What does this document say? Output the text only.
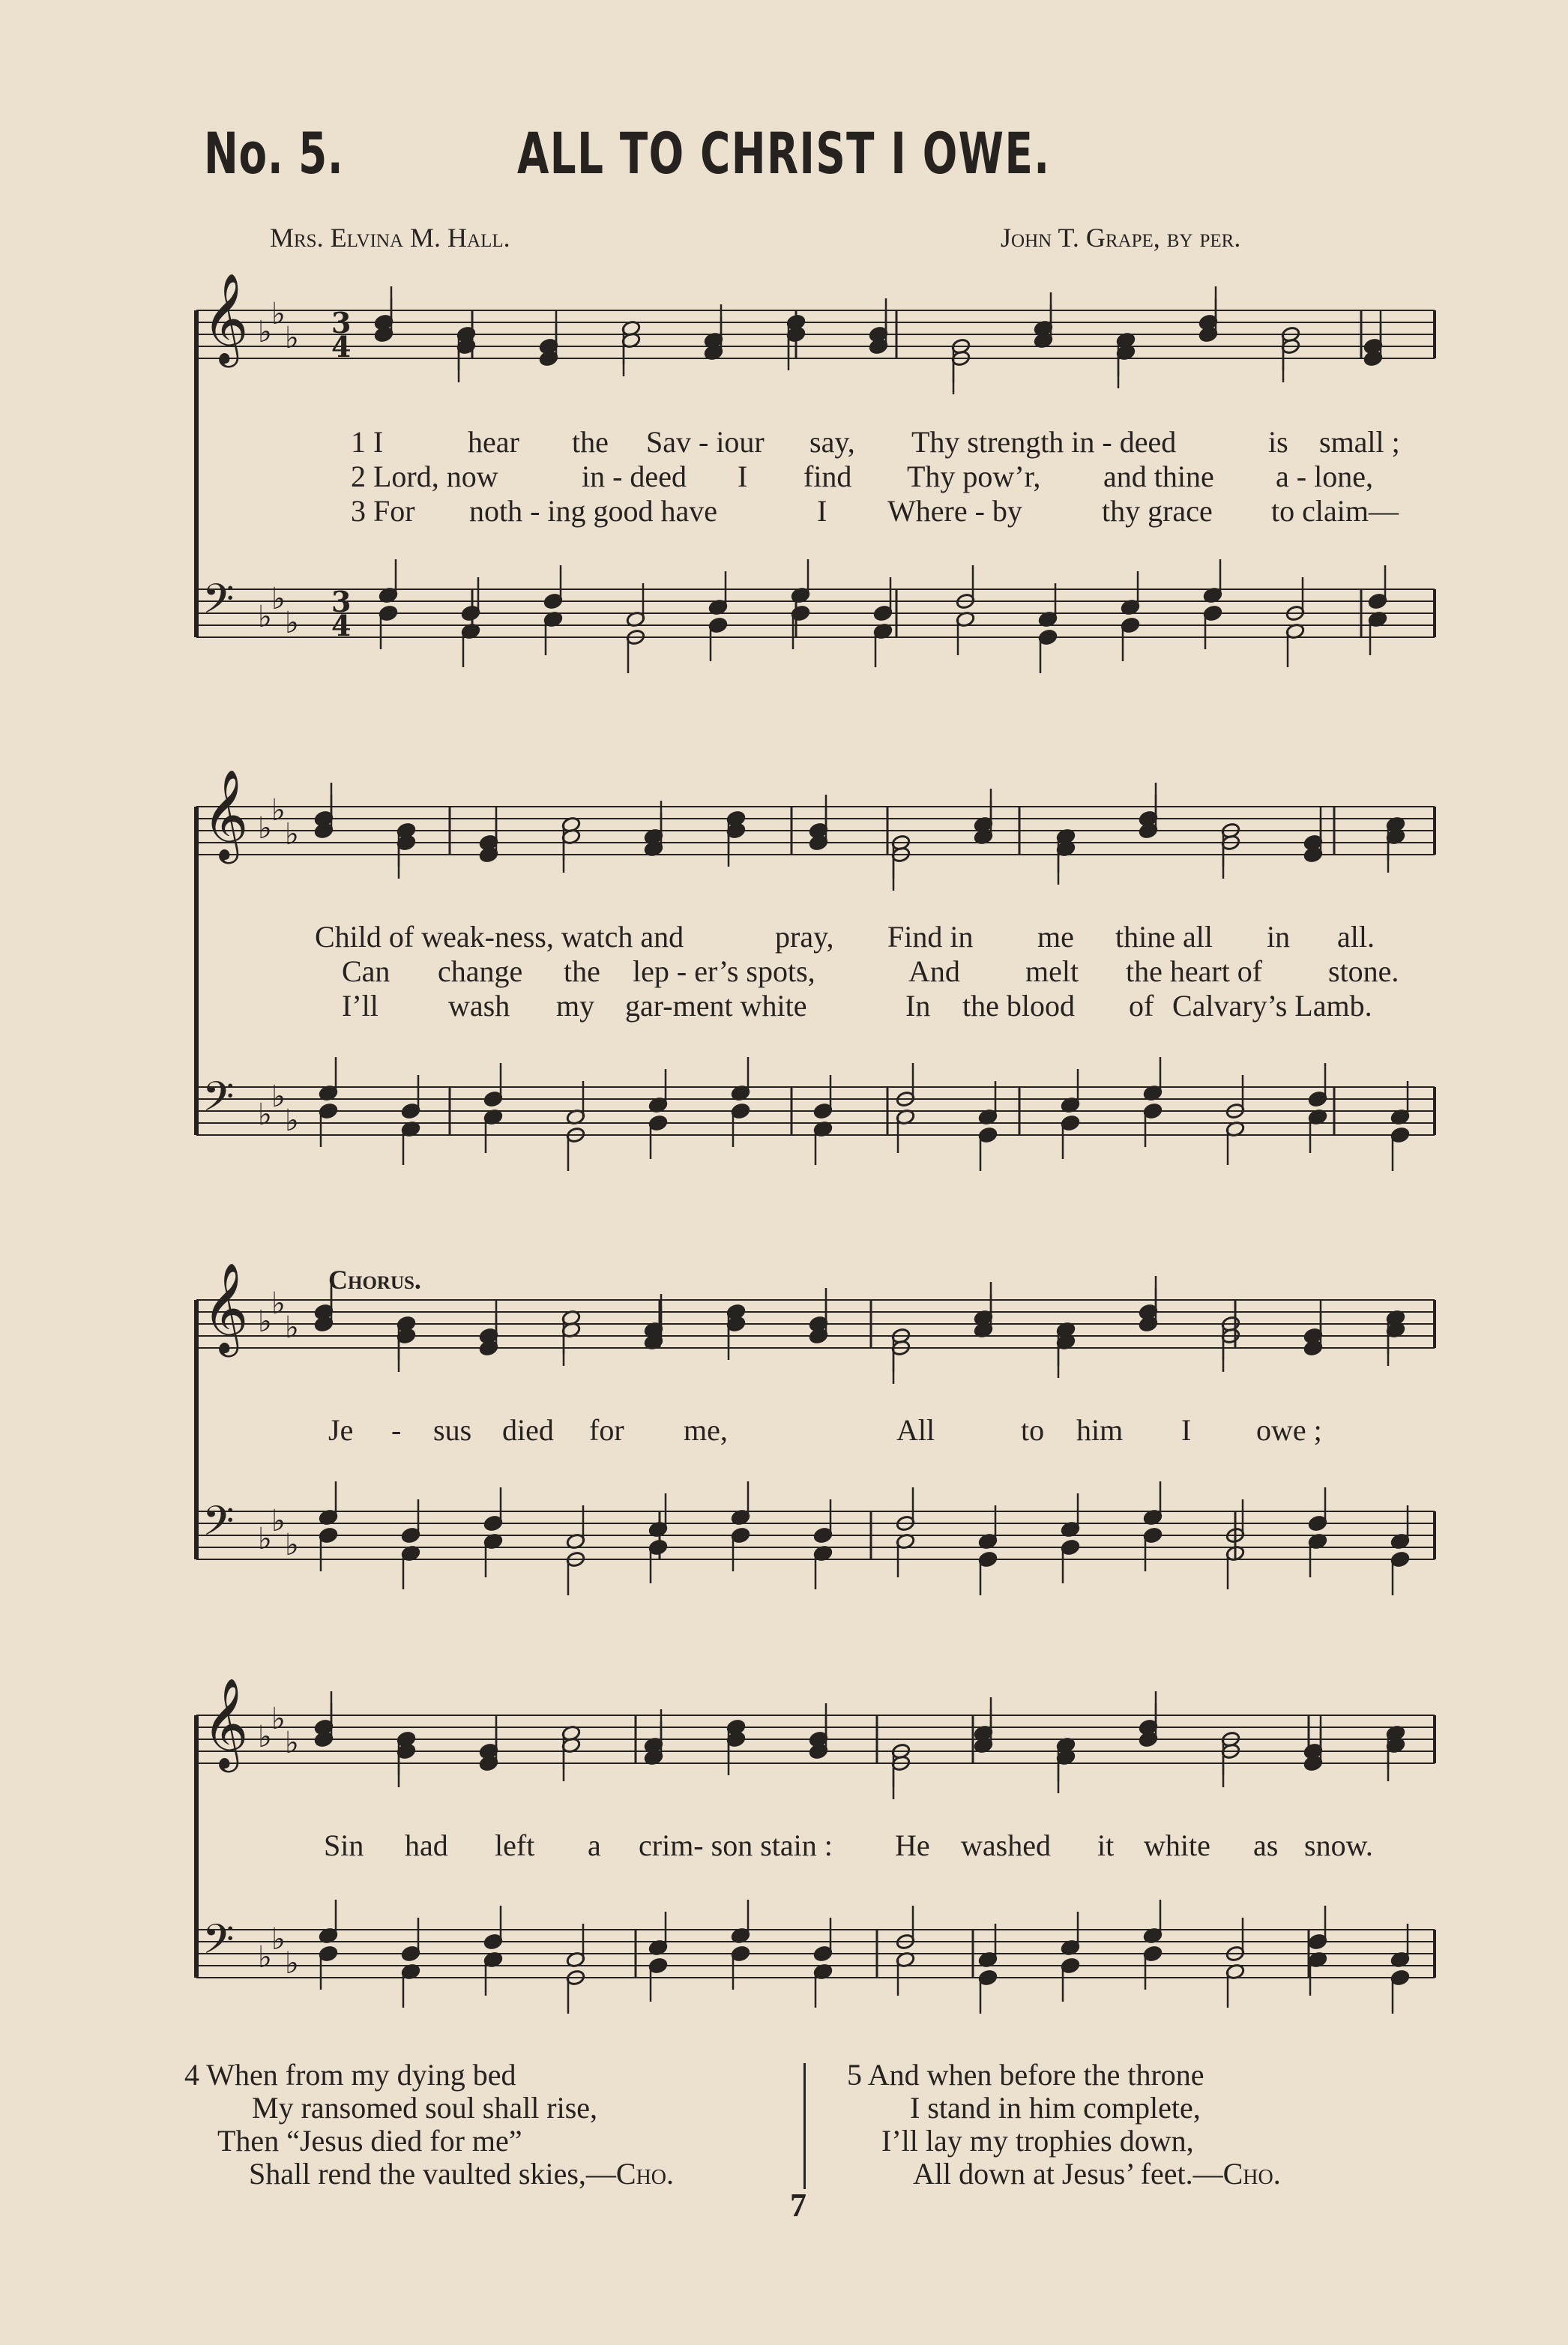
No. 5.	ALL TO CHRIST I OWE.
Mrs. Elvina M. Hall.	John T. Grape, by per.
𝄞
𝄢
♭
♭
♭
♭
♭
♭
3
4
3
4
𝄞
𝄢
♭
♭
♭
♭
♭
♭
𝄞
𝄢
♭
♭
♭
♭
♭
♭
𝄞
𝄢
♭
♭
♭
♭
♭
♭
1 I	hear the Sav - iour say, Thy strength in - deed	is small ;
2 Lord, now	in - deed I find Thy pow’r, and thine a - lone,
3 For noth - ing good have	I Where - by	thy grace to claim—
Child of weak-ness, watch and	pray, Find in me thine all in all.
Can change the lep - er’s spots,	And melt the heart of stone.
I’ll wash my gar-ment white	In the blood of Calvary’s Lamb.
Chorus.
Je - sus died for me,	All	to him I owe ;
Sin had left a crim- son stain : He washed it white as snow.
4 When from my dying bed
My ransomed soul shall rise,
Then “Jesus died for me”
Shall rend the vaulted skies,—Cho.
5 And when before the throne
I stand in him complete,
I’ll lay my trophies down,
All down at Jesus’ feet.—Cho.
7
